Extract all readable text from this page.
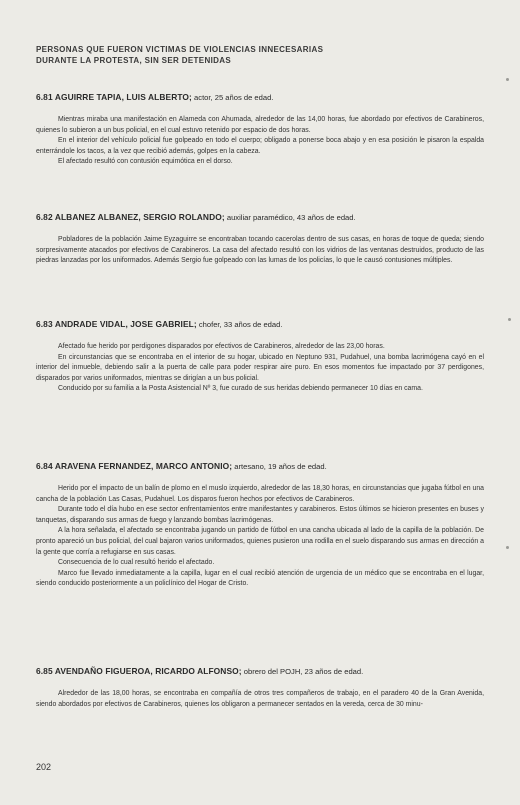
PERSONAS QUE FUERON VICTIMAS DE VIOLENCIAS INNECESARIAS
DURANTE LA PROTESTA, SIN SER DETENIDAS

6.81 AGUIRRE TAPIA, LUIS ALBERTO; actor, 25 años de edad.

Mientras miraba una manifestación en Alameda con Ahumada, alrededor de las 14,00 horas, fue abordado por efectivos de Carabineros, quienes lo subieron a un bus policial, en el cual estuvo retenido por espacio de dos horas.

En el interior del vehículo policial fue golpeado en todo el cuerpo; obligado a ponerse boca abajo y en esa posición le pisaron la espalda enterrándole los tacos, a la vez que recibió además, golpes en la cabeza.

El afectado resultó con contusión equimótica en el dorso.

6.82 ALBANEZ ALBANEZ, SERGIO ROLANDO; auxiliar paramédico, 43 años de edad.

Pobladores de la población Jaime Eyzaguirre se encontraban tocando cacerolas dentro de sus casas, en horas de toque de queda; siendo sorpresivamente atacados por efectivos de Carabineros. La casa del afectado resultó con los vidrios de las ventanas destruidos, producto de las piedras lanzadas por los uniformados. Además Sergio fue golpeado con las lumas de los policías, lo que le causó contusiones múltiples.

6.83 ANDRADE VIDAL, JOSE GABRIEL; chofer, 33 años de edad.

Afectado fue herido por perdigones disparados por efectivos de Carabineros, alrededor de las 23,00 horas.

En circunstancias que se encontraba en el interior de su hogar, ubicado en Neptuno 931, Pudahuel, una bomba lacrimógena cayó en el interior del inmueble, debiendo salir a la puerta de calle para poder respirar aire puro. En esos momentos fue impactado por 37 perdigones, disparados por varios uniformados, mientras se dirigían a un bus policial.

Conducido por su familia a la Posta Asistencial Nº 3, fue curado de sus heridas debiendo permanecer 10 días en cama.

6.84 ARAVENA FERNANDEZ, MARCO ANTONIO; artesano, 19 años de edad.

Herido por el impacto de un balín de plomo en el muslo izquierdo, alrededor de las 18,30 horas, en circunstancias que jugaba fútbol en una cancha de la población Las Casas, Pudahuel. Los disparos fueron hechos por efectivos de Carabineros.

Durante todo el día hubo en ese sector enfrentamientos entre manifestantes y carabineros. Estos últimos se hicieron presentes en buses y tanquetas, disparando sus armas de fuego y lanzando bombas lacrimógenas.

A la hora señalada, el afectado se encontraba jugando un partido de fútbol en una cancha ubicada al lado de la capilla de la población. De pronto apareció un bus policial, del cual bajaron varios uniformados, quienes pusieron una rodilla en el suelo disparando sus armas en dirección a la gente que corría a refugiarse en sus casas.

Consecuencia de lo cual resultó herido el afectado.

Marco fue llevado inmediatamente a la capilla, lugar en el cual recibió atención de urgencia de un médico que se encontraba en el lugar, siendo conducido posteriormente a un policlínico del Hogar de Cristo.

6.85 AVENDAÑO FIGUEROA, RICARDO ALFONSO; obrero del POJH, 23 años de edad.

Alrededor de las 18,00 horas, se encontraba en compañía de otros tres compañeros de trabajo, en el paradero 40 de la Gran Avenida, siendo abordados por efectivos de Carabineros, quienes los obligaron a permanecer sentados en la vereda, cerca de 30 minu-

202
